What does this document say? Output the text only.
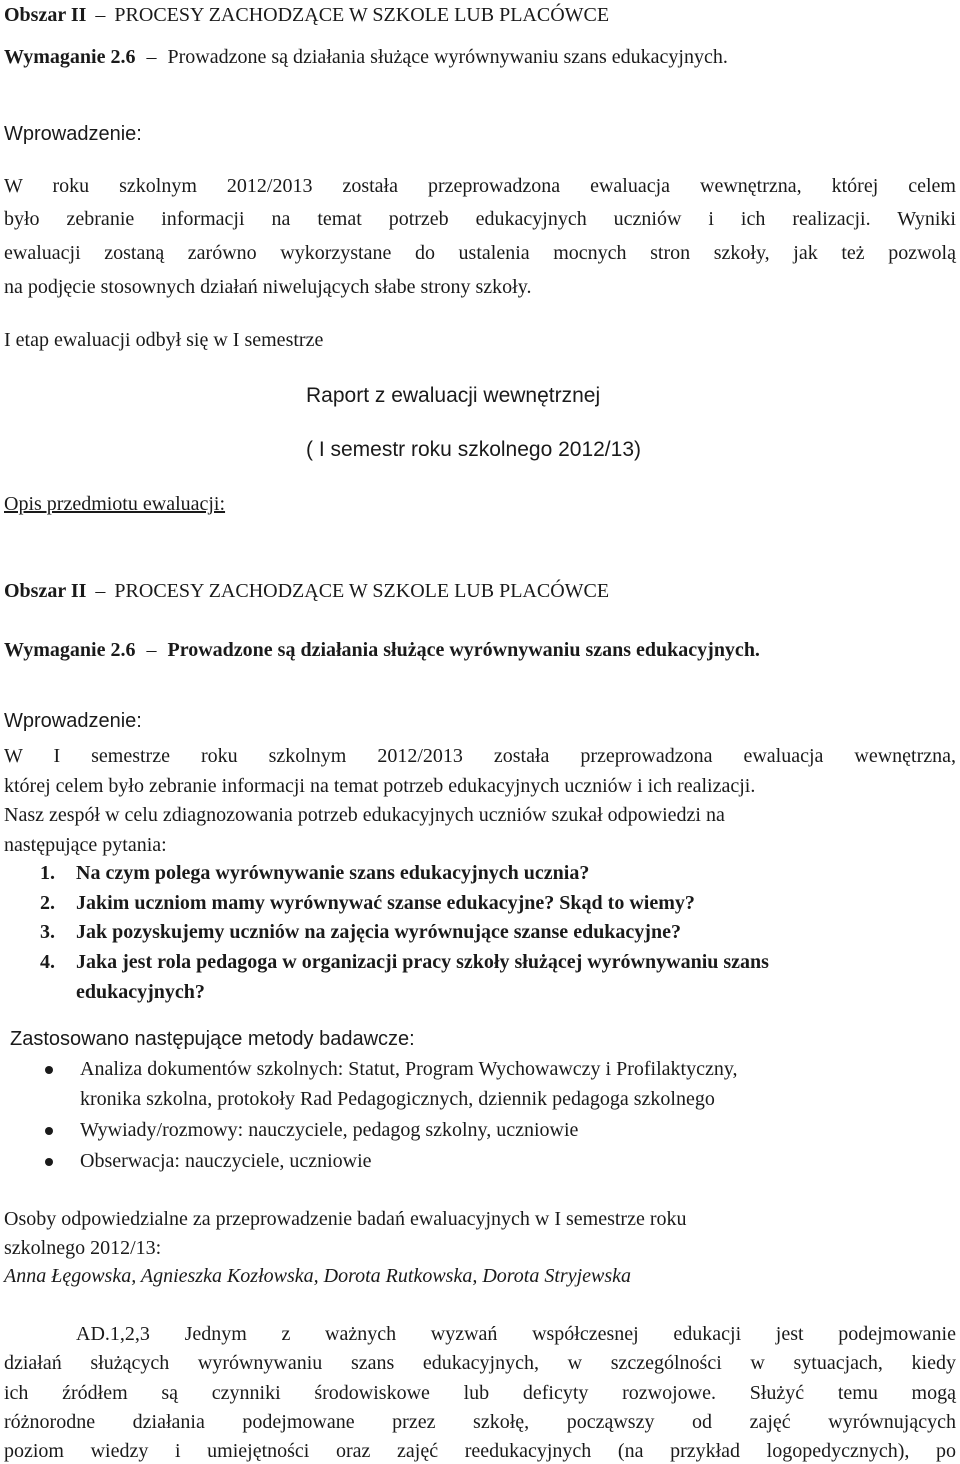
Obszar II – PROCESY ZACHODZĄCE W SZKOLE LUB PLACÓWCE
Wymaganie 2.6 – Prowadzone są działania służące wyrównywaniu szans edukacyjnych.
Wprowadzenie:
W roku szkolnym 2012/2013 została przeprowadzona ewaluacja wewnętrzna, której celem
było zebranie informacji na temat potrzeb edukacyjnych uczniów i ich realizacji. Wyniki
ewaluacji zostaną zarówno wykorzystane do ustalenia mocnych stron szkoły, jak też pozwolą
na podjęcie stosownych działań niwelujących słabe strony szkoły.
I etap ewaluacji odbył się w I semestrze
Raport z ewaluacji wewnętrznej
( I semestr roku szkolnego 2012/13)
Opis przedmiotu ewaluacji:
Obszar II – PROCESY ZACHODZĄCE W SZKOLE LUB PLACÓWCE
Wymaganie 2.6 – Prowadzone są działania służące wyrównywaniu szans edukacyjnych.
Wprowadzenie:
W I semestrze roku szkolnym 2012/2013 została przeprowadzona ewaluacja wewnętrzna,
której celem było zebranie informacji na temat potrzeb edukacyjnych uczniów i ich realizacji.
Nasz zespół w celu zdiagnozowania potrzeb edukacyjnych uczniów szukał odpowiedzi na
następujące pytania:
1. Na czym polega wyrównywanie szans edukacyjnych ucznia?
2. Jakim uczniom mamy wyrównywać szanse edukacyjne? Skąd to wiemy?
3. Jak pozyskujemy uczniów na zajęcia wyrównujące szanse edukacyjne?
4. Jaka jest rola pedagoga w organizacji pracy szkoły służącej wyrównywaniu szans
edukacyjnych?
Zastosowano następujące metody badawcze:
Analiza dokumentów szkolnych: Statut, Program Wychowawczy i Profilaktyczny,
kronika szkolna, protokoły Rad Pedagogicznych, dziennik pedagoga szkolnego
Wywiady/rozmowy: nauczyciele, pedagog szkolny, uczniowie
Obserwacja: nauczyciele, uczniowie
Osoby odpowiedzialne za przeprowadzenie badań ewaluacyjnych w I semestrze roku
szkolnego 2012/13:
Anna Łęgowska, Agnieszka Kozłowska, Dorota Rutkowska, Dorota Stryjewska
AD.1,2,3 Jednym z ważnych wyzwań współczesnej edukacji jest podejmowanie
działań służących wyrównywaniu szans edukacyjnych, w szczególności w sytuacjach, kiedy
ich źródłem są czynniki środowiskowe lub deficyty rozwojowe. Służyć temu mogą
różnorodne działania podejmowane przez szkołę, począwszy od zajęć wyrównujących
poziom wiedzy i umiejętności oraz zajęć reedukacyjnych (na przykład logopedycznych), po
